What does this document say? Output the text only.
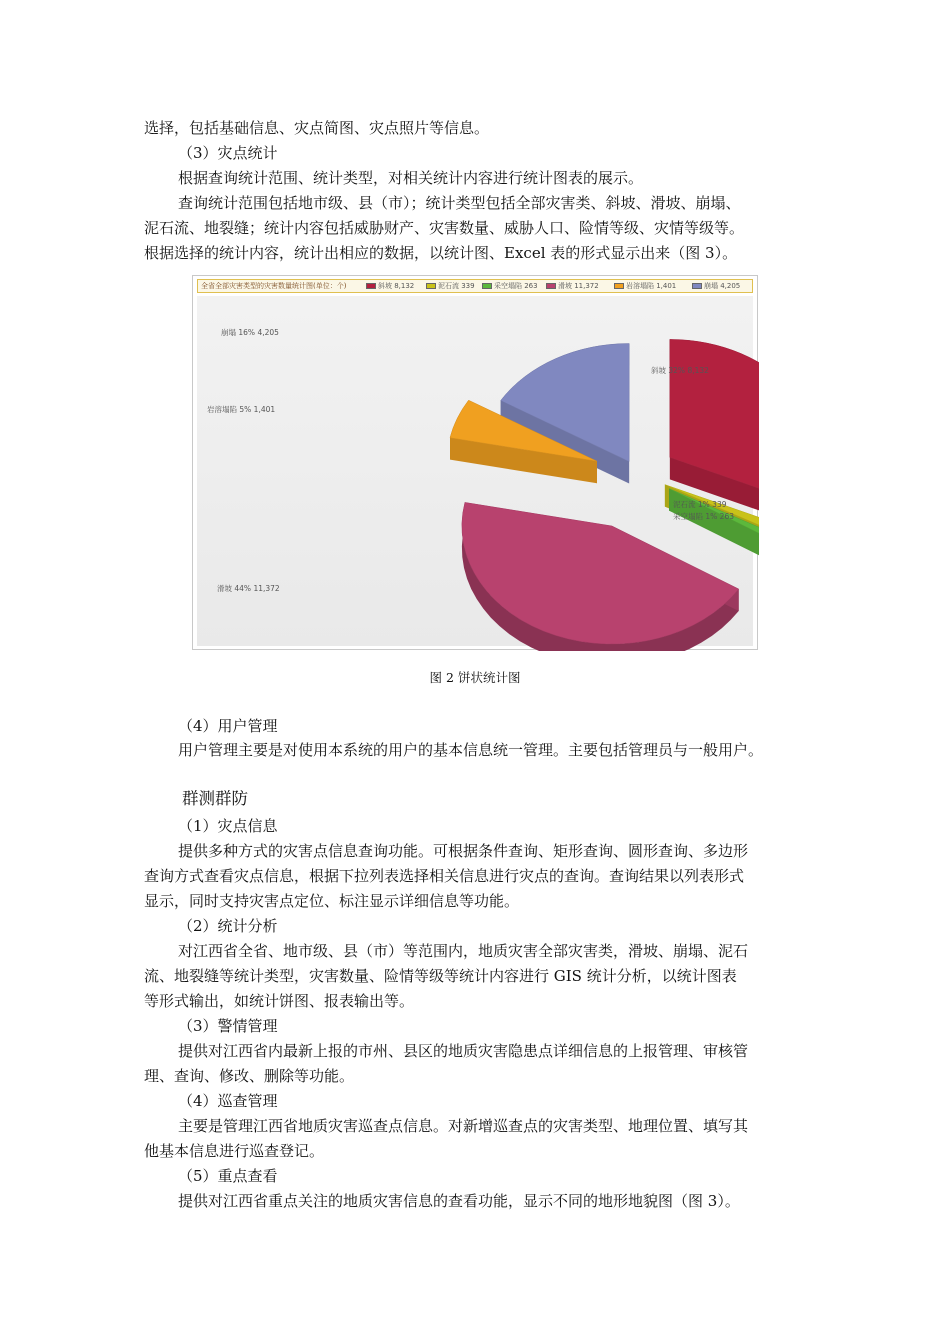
选择，包括基础信息、灾点简图、灾点照片等信息。
（3）灾点统计
根据查询统计范围、统计类型，对相关统计内容进行统计图表的展示。
查询统计范围包括地市级、县（市）；统计类型包括全部灾害类、斜坡、滑坡、崩塌、
泥石流、地裂缝；统计内容包括威胁财产、灾害数量、威胁人口、险情等级、灾情等级等。
根据选择的统计内容，统计出相应的数据，以统计图、Excel 表的形式显示出来（图 3）。
全省全部灾害类型的灾害数量统计图(单位：个)	斜坡 8,132	泥石流 339	采空塌陷 263	滑坡 11,372	岩溶塌陷 1,401	崩塌 4,205
斜坡 32% 8,132
泥石流 1% 339
采空塌陷 1% 263
滑坡 44% 11,372
岩溶塌陷 5% 1,401
崩塌 16% 4,205
图 2 饼状统计图
（4）用户管理
用户管理主要是对使用本系统的用户的基本信息统一管理。主要包括管理员与一般用户。
群测群防
（1）灾点信息
提供多种方式的灾害点信息查询功能。可根据条件查询、矩形查询、圆形查询、多边形
查询方式查看灾点信息，根据下拉列表选择相关信息进行灾点的查询。查询结果以列表形式
显示，同时支持灾害点定位、标注显示详细信息等功能。
（2）统计分析
对江西省全省、地市级、县（市）等范围内，地质灾害全部灾害类，滑坡、崩塌、泥石
流、地裂缝等统计类型，灾害数量、险情等级等统计内容进行 GIS 统计分析，以统计图表
等形式输出，如统计饼图、报表输出等。
（3）警情管理
提供对江西省内最新上报的市州、县区的地质灾害隐患点详细信息的上报管理、审核管
理、查询、修改、删除等功能。
（4）巡查管理
主要是管理江西省地质灾害巡查点信息。对新增巡查点的灾害类型、地理位置、填写其
他基本信息进行巡查登记。
（5）重点查看
提供对江西省重点关注的地质灾害信息的查看功能，显示不同的地形地貌图（图 3）。
